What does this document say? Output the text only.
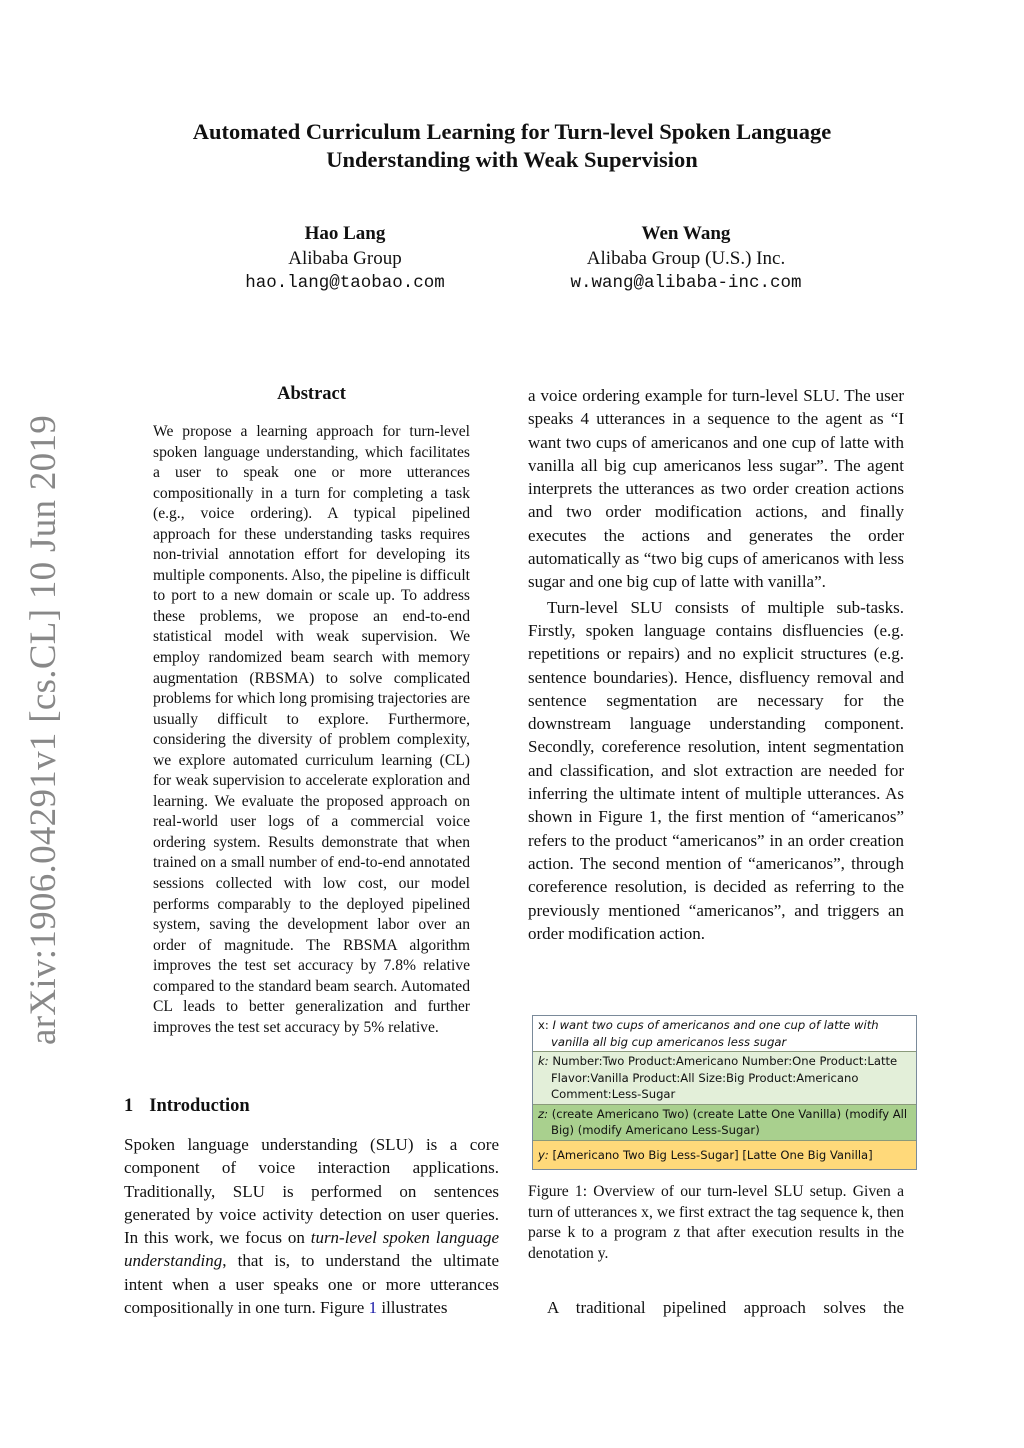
Automated Curriculum Learning for Turn-level Spoken Language
Understanding with Weak Supervision
Hao Lang
Alibaba Group
hao.lang@taobao.com
Wen Wang
Alibaba Group (U.S.) Inc.
w.wang@alibaba-inc.com
arXiv:1906.04291v1 [cs.CL] 10 Jun 2019
Abstract
We propose a learning approach for turn-level spoken language understanding, which facilitates a user to speak one or more utterances compositionally in a turn for completing a task (e.g., voice ordering). A typical pipelined approach for these understanding tasks requires non-trivial annotation effort for developing its multiple components. Also, the pipeline is difficult to port to a new domain or scale up. To address these problems, we propose an end-to-end statistical model with weak supervision. We employ randomized beam search with memory augmentation (RBSMA) to solve complicated problems for which long promising trajectories are usually difficult to explore. Furthermore, considering the diversity of problem complexity, we explore automated curriculum learning (CL) for weak supervision to accelerate exploration and learning. We evaluate the proposed approach on real-world user logs of a commercial voice ordering system. Results demonstrate that when trained on a small number of end-to-end annotated sessions collected with low cost, our model performs comparably to the deployed pipelined system, saving the development labor over an order of magnitude. The RBSMA algorithm improves the test set accuracy by 7.8% relative compared to the standard beam search. Automated CL leads to better generalization and further improves the test set accuracy by 5% relative.
1 Introduction
Spoken language understanding (SLU) is a core component of voice interaction applications. Traditionally, SLU is performed on sentences generated by voice activity detection on user queries. In this work, we focus on turn-level spoken language understanding, that is, to understand the ultimate intent when a user speaks one or more utterances compositionally in one turn. Figure 1 illustrates

a voice ordering example for turn-level SLU. The user speaks 4 utterances in a sequence to the agent as “I want two cups of americanos and one cup of latte with vanilla all big cup americanos less sugar”. The agent interprets the utterances as two order creation actions and two order modification actions, and finally executes the actions and generates the order automatically as “two big cups of americanos with less sugar and one big cup of latte with vanilla”.

Turn-level SLU consists of multiple sub-tasks. Firstly, spoken language contains disfluencies (e.g. repetitions or repairs) and no explicit structures (e.g. sentence boundaries). Hence, disfluency removal and sentence segmentation are necessary for the downstream language understanding component. Secondly, coreference resolution, intent segmentation and classification, and slot extraction are needed for inferring the ultimate intent of multiple utterances. As shown in Figure 1, the first mention of “americanos” refers to the product “americanos” in an order creation action. The second mention of “americanos”, through coreference resolution, is decided as referring to the previously mentioned “americanos”, and triggers an order modification action.

x: I want two cups of americanos and one cup of latte with vanilla all big cup americanos less sugar
k: Number:Two Product:Americano Number:One Product:Latte Flavor:Vanilla Product:All Size:Big Product:Americano Comment:Less-Sugar
z: (create Americano Two) (create Latte One Vanilla) (modify All Big) (modify Americano Less-Sugar)
y: [Americano Two Big Less-Sugar] [Latte One Big Vanilla]
Figure 1: Overview of our turn-level SLU setup. Given a turn of utterances x, we first extract the tag sequence k, then parse k to a program z that after execution results in the denotation y.
A traditional pipelined approach solves the
